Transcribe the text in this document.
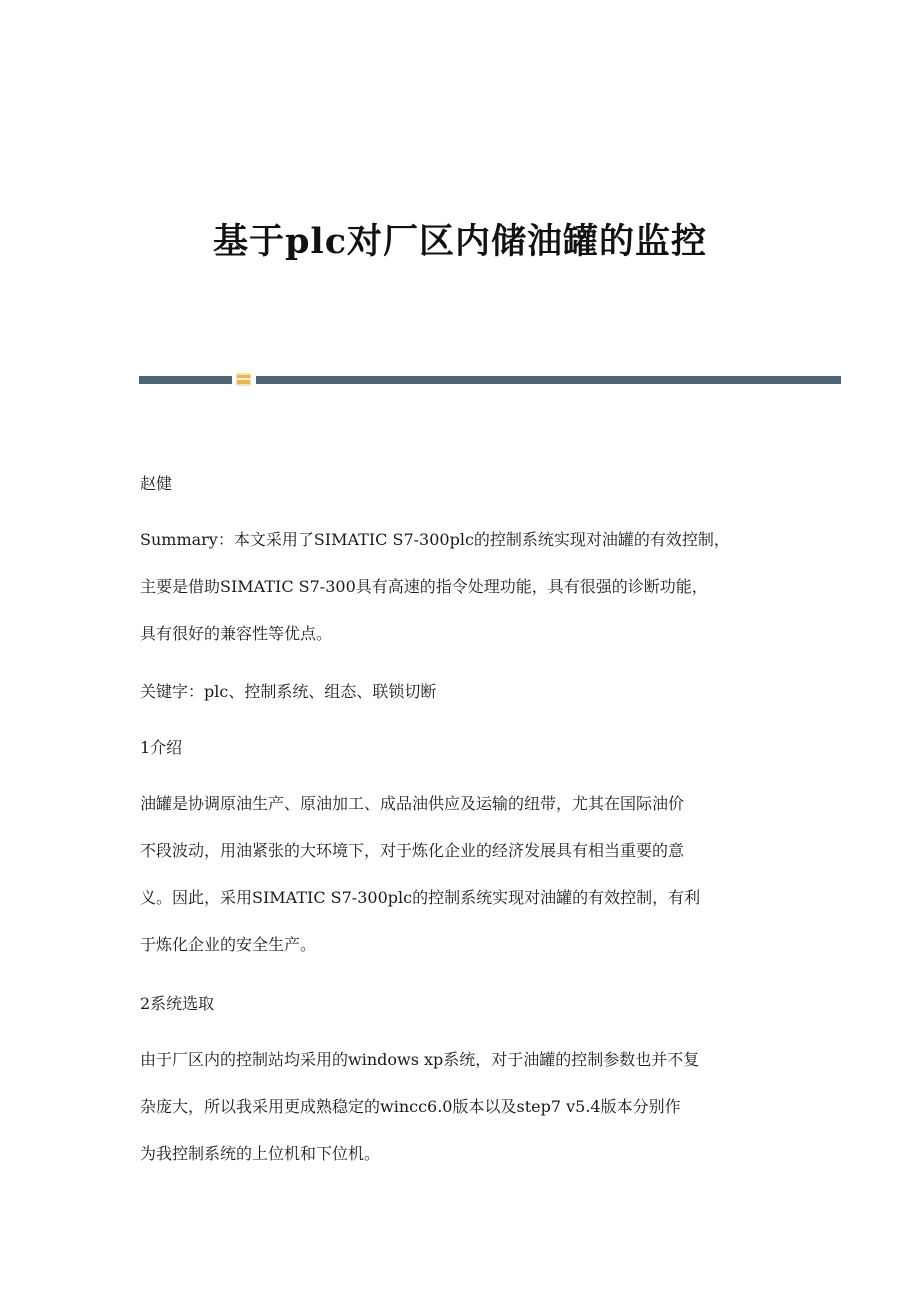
基于plc对厂区内储油罐的监控

赵健

Summary：本文采用了SIMATIC S7-300plc的控制系统实现对油罐的有效控制，
主要是借助SIMATIC S7-300具有高速的指令处理功能，具有很强的诊断功能，
具有很好的兼容性等优点。

关键字：plc、控制系统、组态、联锁切断

1介绍

油罐是协调原油生产、原油加工、成品油供应及运输的纽带，尤其在国际油价
不段波动，用油紧张的大环境下，对于炼化企业的经济发展具有相当重要的意
义。因此，采用SIMATIC S7-300plc的控制系统实现对油罐的有效控制，有利
于炼化企业的安全生产。

2系统选取

由于厂区内的控制站均采用的windows xp系统，对于油罐的控制参数也并不复
杂庞大，所以我采用更成熟稳定的wincc6.0版本以及step7 v5.4版本分别作
为我控制系统的上位机和下位机。
